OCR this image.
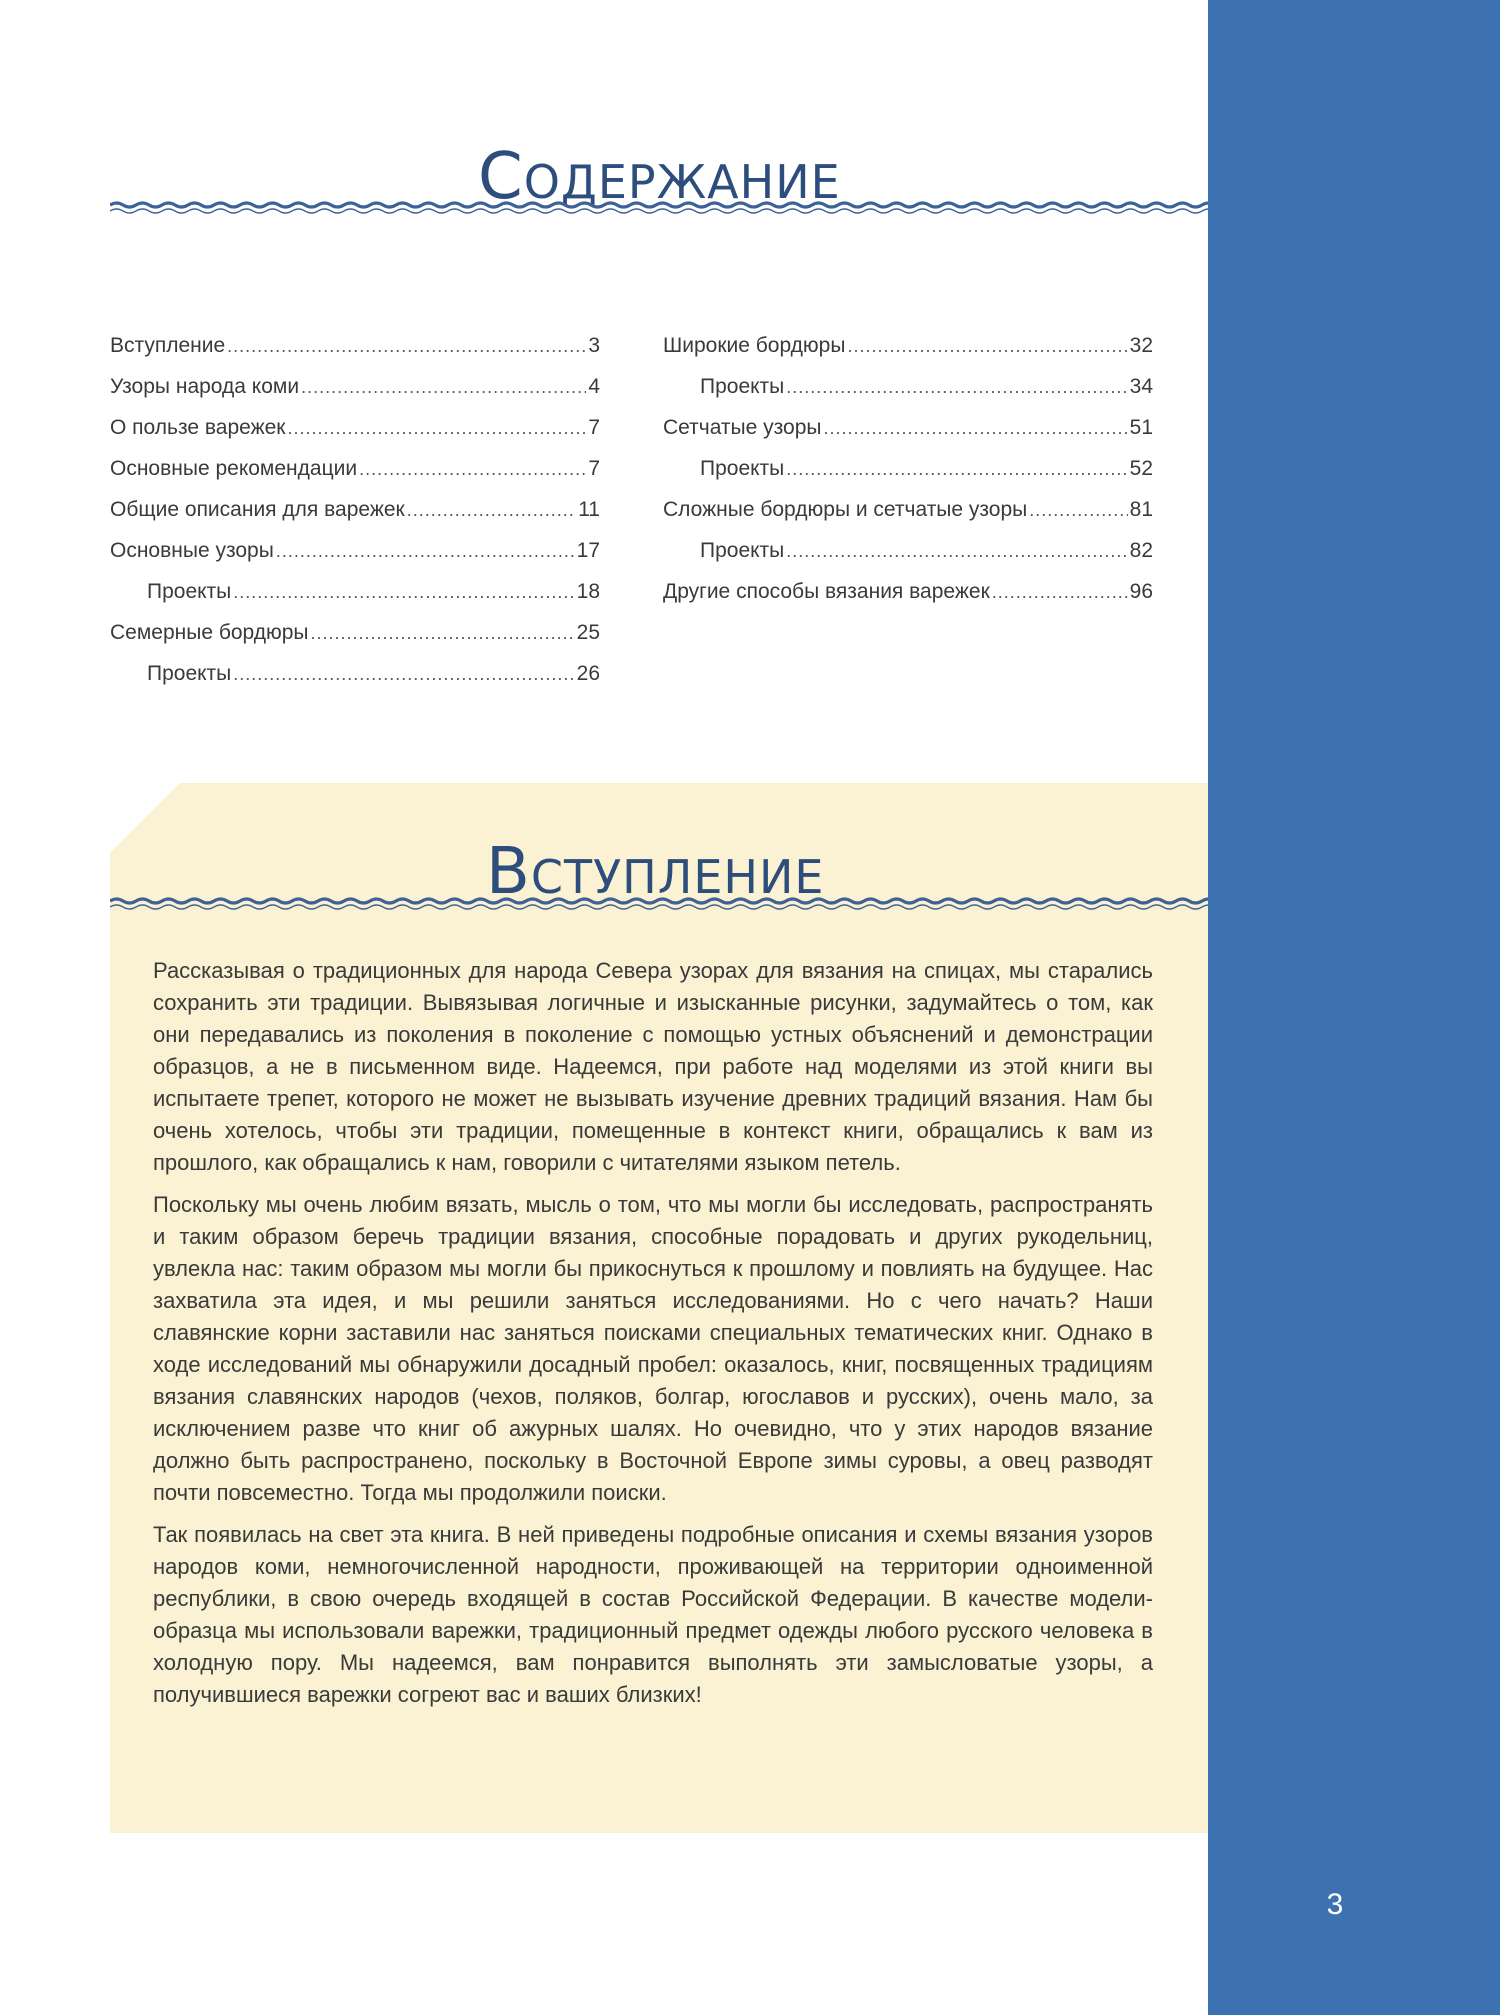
3
СОДЕРЖАНИЕ
Вступление .....	3
Узоры народа коми .....	4
О пользе варежек .....	7
Основные рекомендации .....	7
Общие описания для варежек .....	11
Основные узоры .....	17
Проекты .....	18
Семерные бордюры .....	25
Проекты .....	26
Широкие бордюры .....	32
Проекты .....	34
Сетчатые узоры .....	51
Проекты .....	52
Сложные бордюры и сетчатые узоры .....	81
Проекты .....	82
Другие способы вязания варежек .....	96
ВСТУПЛЕНИЕ

Рассказывая о традиционных для народа Севера узорах для вязания на спицах, мы старались сохранить эти традиции. Вывязывая логичные и изысканные рисунки, задумайтесь о том, как они передавались из поколения в поколение с помощью устных объяснений и демонстрации образцов, а не в письменном виде. Надеемся, при работе над моделями из этой книги вы испытаете трепет, которого не может не вызывать изучение древних традиций вязания. Нам бы очень хотелось, чтобы эти традиции, помещенные в контекст книги, обращались к вам из прошлого, как обращались к нам, говорили с читателями языком петель.

Поскольку мы очень любим вязать, мысль о том, что мы могли бы исследовать, распространять и таким образом беречь традиции вязания, способные порадовать и других рукодельниц, увлекла нас: таким образом мы могли бы прикоснуться к прошлому и повлиять на будущее. Нас захватила эта идея, и мы решили заняться исследованиями. Но с чего начать? Наши славянские корни заставили нас заняться поисками специальных тематических книг. Однако в ходе исследований мы обнаружили досадный пробел: оказалось, книг, посвященных традициям вязания славянских народов (чехов, поляков, болгар, югославов и русских), очень мало, за исключением разве что книг об ажурных шалях. Но очевидно, что у этих народов вязание должно быть распространено, поскольку в Восточной Европе зимы суровы, а овец разводят почти повсеместно. Тогда мы продолжили поиски.

Так появилась на свет эта книга. В ней приведены подробные описания и схемы вязания узоров народов коми, немногочисленной народности, проживающей на территории одноименной республики, в свою очередь входящей в состав Российской Федерации. В качестве модели-образца мы использовали варежки, традиционный предмет одежды любого русского человека в холодную пору. Мы надеемся, вам понравится выполнять эти замысловатые узоры, а получившиеся варежки согреют вас и ваших близких!
